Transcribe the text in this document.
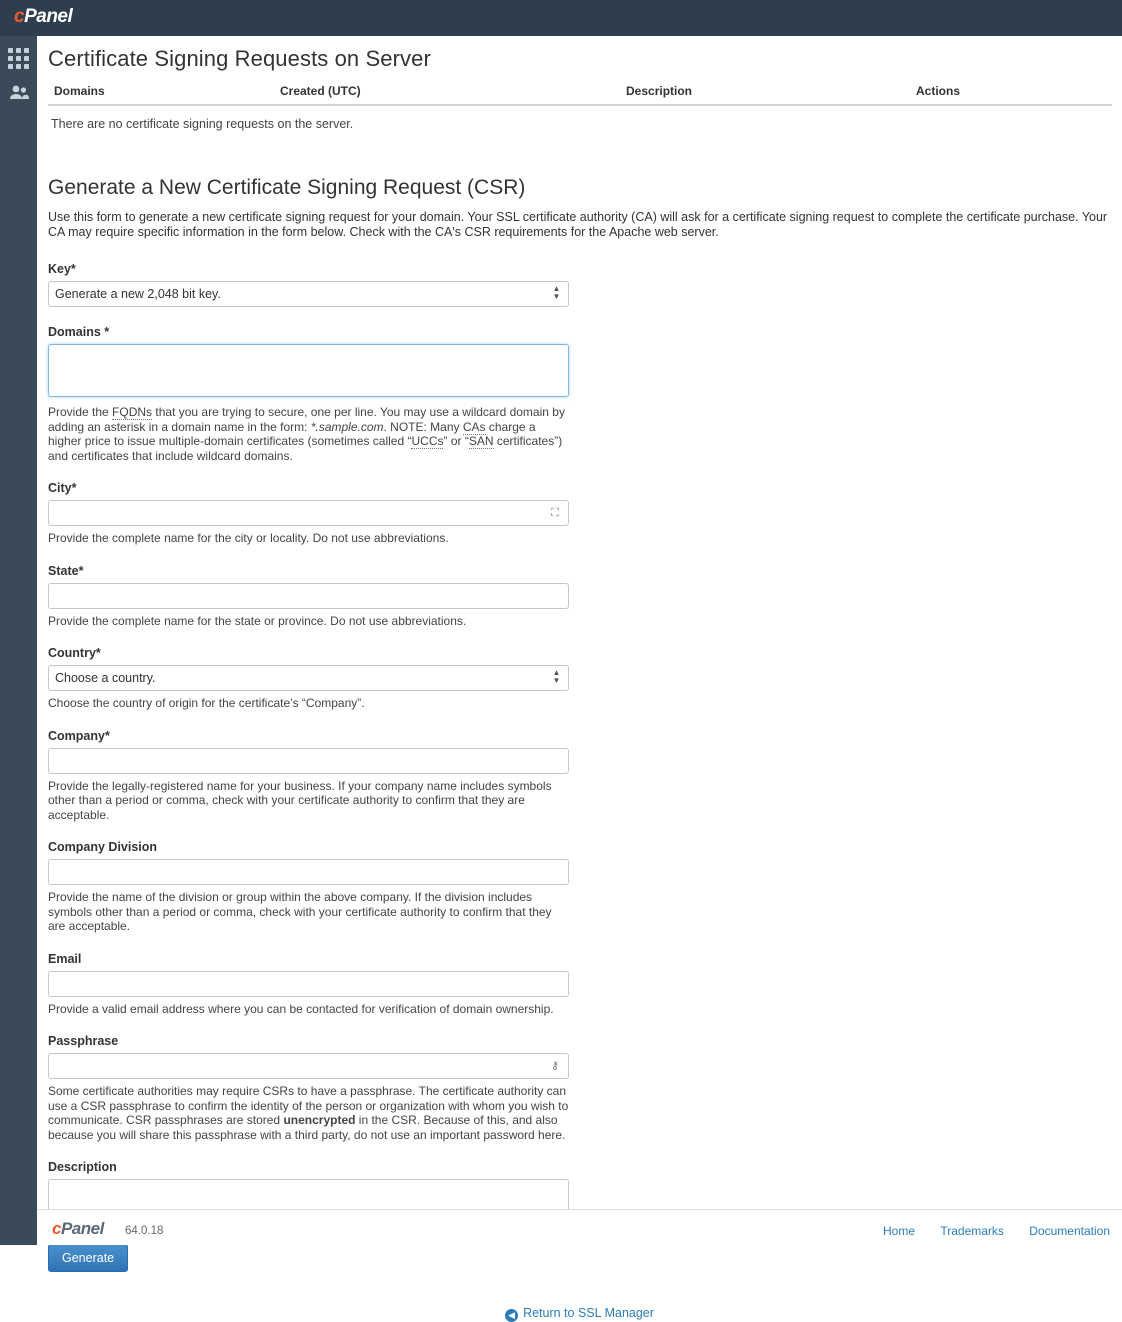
cPanel
Certificate Signing Requests on Server
Domains	Created (UTC)	Description	Actions
There are no certificate signing requests on the server.
Generate a New Certificate Signing Request (CSR)

Use this form to generate a new certificate signing request for your domain. Your SSL certificate authority (CA) will ask for a certificate signing request to complete the certificate purchase. Your CA may require specific information in the form below. Check with the CA's CSR requirements for the Apache web server.

Key*
Generate a new 2,048 bit key.
▲
▼
Domains *
Provide the FQDNs that you are trying to secure, one per line. You may use a wildcard domain by adding an asterisk in a domain name in the form: *.sample.com. NOTE: Many CAs charge a higher price to issue multiple-domain certificates (sometimes called “UCCs” or “SAN certificates”) and certificates that include wildcard domains.
City*
⛶
Provide the complete name for the city or locality. Do not use abbreviations.
State*
Provide the complete name for the state or province. Do not use abbreviations.
Country*
Choose a country.
▲
▼
Choose the country of origin for the certificate’s “Company”.
Company*
Provide the legally-registered name for your business. If your company name includes symbols other than a period or comma, check with your certificate authority to confirm that they are acceptable.
Company Division
Provide the name of the division or group within the above company. If the division includes symbols other than a period or comma, check with your certificate authority to confirm that they are acceptable.
Email
Provide a valid email address where you can be contacted for verification of domain ownership.
Passphrase
⚷
Some certificate authorities may require CSRs to have a passphrase. The certificate authority can use a CSR passphrase to confirm the identity of the person or organization with whom you wish to communicate. CSR passphrases are stored unencrypted in the CSR. Because of this, and also because you will share this passphrase with a third party, do not use an important password here.
Description
Generate
◀ Return to SSL Manager
cPanel 64.0.18	Home Trademarks Documentation
